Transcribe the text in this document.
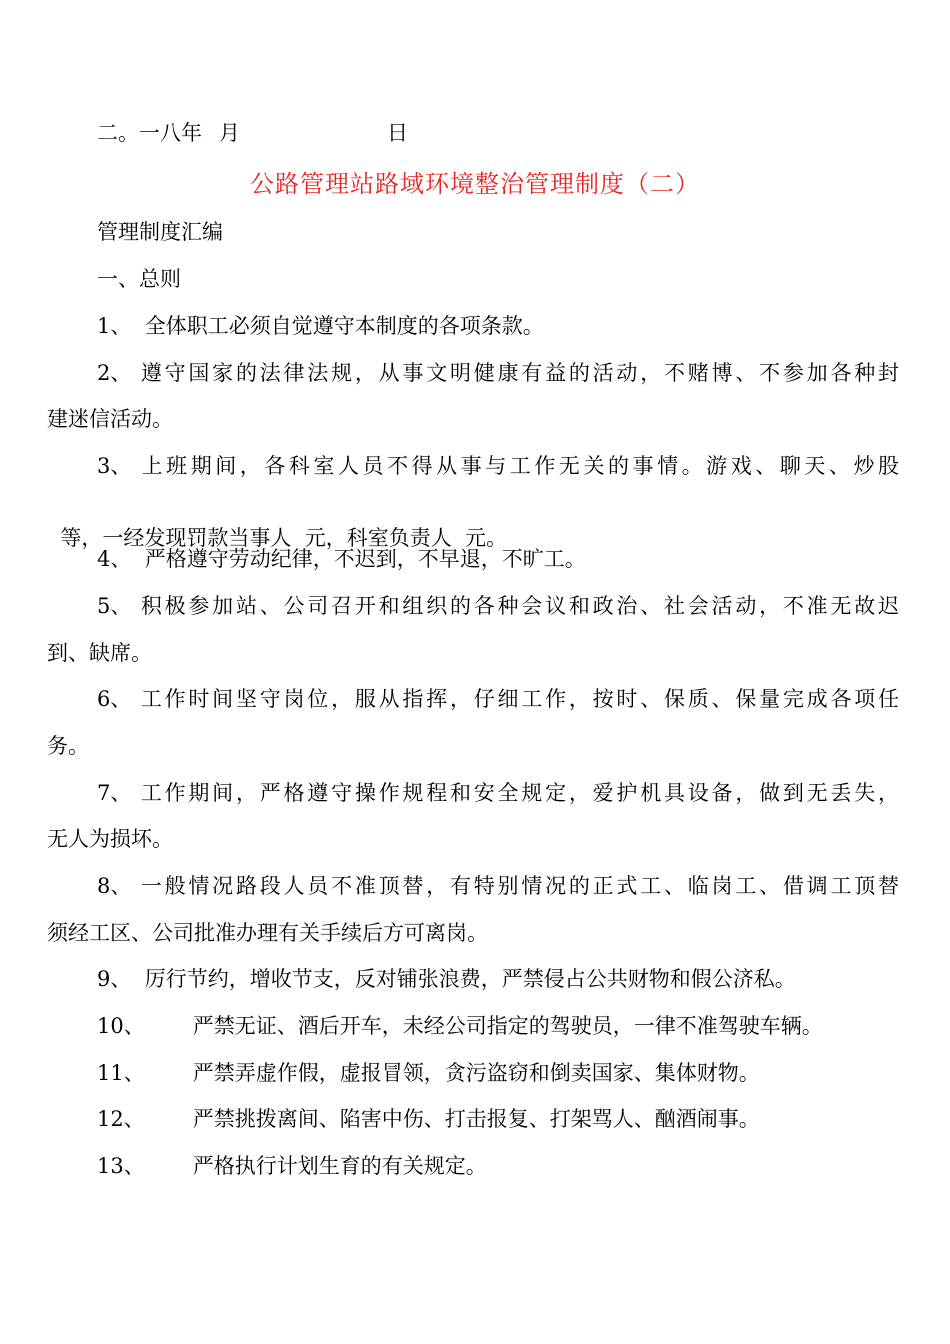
二。一八年 月	日
公路管理站路域环境整治管理制度（二）
管理制度汇编
一、总则
1、 全体职工必须自觉遵守本制度的各项条款。
2、 遵守国家的法律法规，从事文明健康有益的活动，不赌博、不参加各种封
建迷信活动。
3、 上班期间，各科室人员不得从事与工作无关的事情。游戏、聊天、炒股

等，一经发现罚款当事人  元，科室负责人  元。

4、 严格遵守劳动纪律，不迟到，不早退，不旷工。
5、 积极参加站、公司召开和组织的各种会议和政治、社会活动，不准无故迟
到、缺席。
6、 工作时间坚守岗位，服从指挥，仔细工作，按时、保质、保量完成各项任
务。
7、 工作期间，严格遵守操作规程和安全规定，爱护机具设备，做到无丢失，
无人为损坏。
8、 一般情况路段人员不准顶替，有特别情况的正式工、临岗工、借调工顶替
须经工区、公司批准办理有关手续后方可离岗。
9、 厉行节约，增收节支，反对铺张浪费，严禁侵占公共财物和假公济私。
10、 严禁无证、酒后开车，未经公司指定的驾驶员，一律不准驾驶车辆。
11、 严禁弄虚作假，虚报冒领，贪污盗窃和倒卖国家、集体财物。
12、 严禁挑拨离间、陷害中伤、打击报复、打架骂人、酗酒闹事。
13、 严格执行计划生育的有关规定。
